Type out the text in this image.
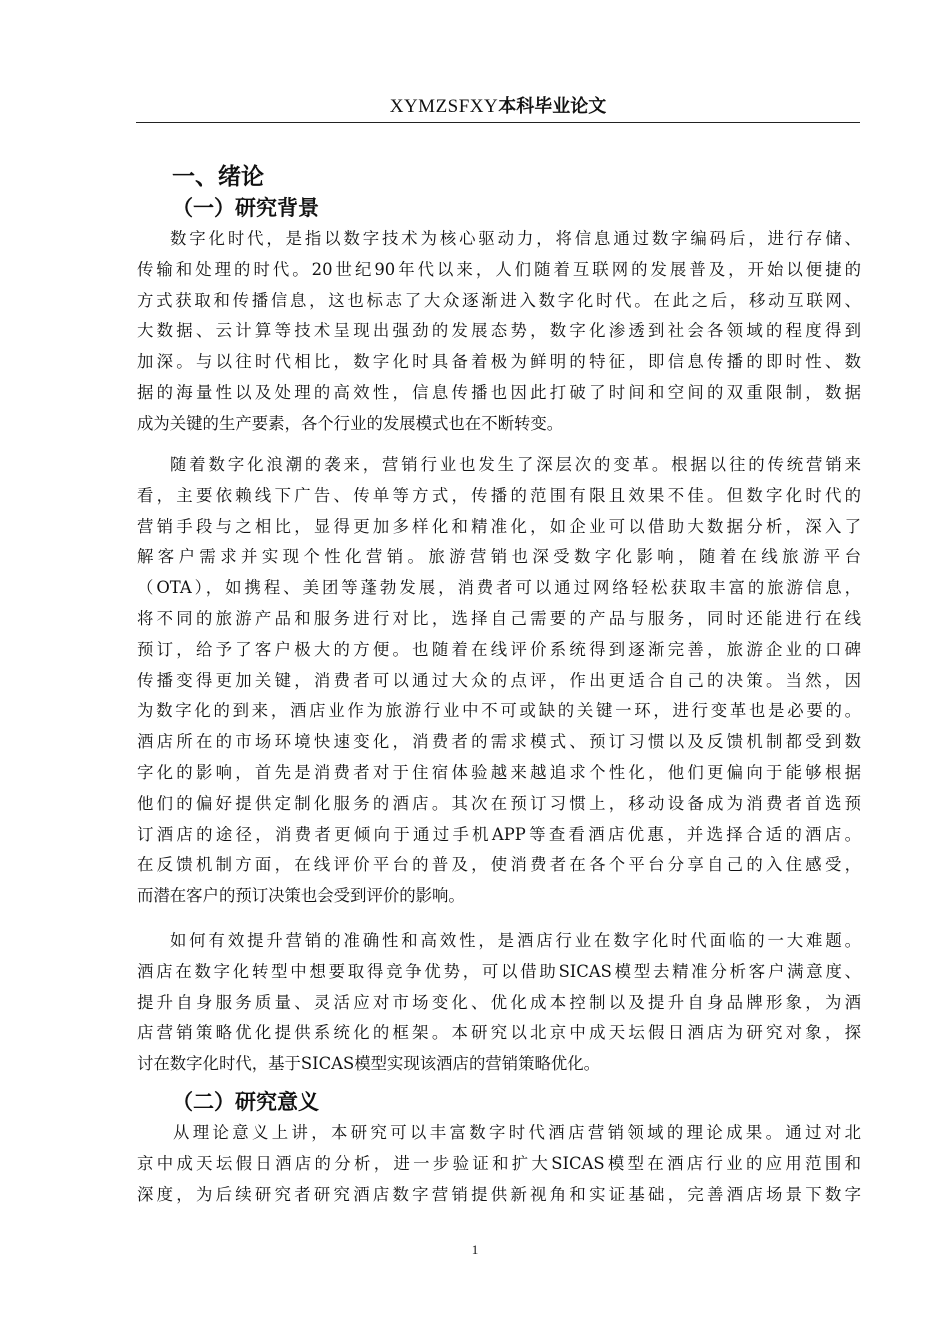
XYMZSFXY本科毕业论文
一、绪论
（一）研究背景
数字化时代，是指以数字技术为核心驱动力，将信息通过数字编码后，进行存储、
传输和处理的时代。20世纪90年代以来，人们随着互联网的发展普及，开始以便捷的
方式获取和传播信息，这也标志了大众逐渐进入数字化时代。在此之后，移动互联网、
大数据、云计算等技术呈现出强劲的发展态势，数字化渗透到社会各领域的程度得到
加深。与以往时代相比，数字化时具备着极为鲜明的特征，即信息传播的即时性、数
据的海量性以及处理的高效性，信息传播也因此打破了时间和空间的双重限制，数据
成为关键的生产要素，各个行业的发展模式也在不断转变。
随着数字化浪潮的袭来，营销行业也发生了深层次的变革。根据以往的传统营销来
看，主要依赖线下广告、传单等方式，传播的范围有限且效果不佳。但数字化时代的
营销手段与之相比，显得更加多样化和精准化，如企业可以借助大数据分析，深入了
解客户需求并实现个性化营销。旅游营销也深受数字化影响，随着在线旅游平台
（OTA），如携程、美团等蓬勃发展，消费者可以通过网络轻松获取丰富的旅游信息，
将不同的旅游产品和服务进行对比，选择自己需要的产品与服务，同时还能进行在线
预订，给予了客户极大的方便。也随着在线评价系统得到逐渐完善，旅游企业的口碑
传播变得更加关键，消费者可以通过大众的点评，作出更适合自己的决策。当然，因
为数字化的到来，酒店业作为旅游行业中不可或缺的关键一环，进行变革也是必要的。
酒店所在的市场环境快速变化，消费者的需求模式、预订习惯以及反馈机制都受到数
字化的影响，首先是消费者对于住宿体验越来越追求个性化，他们更偏向于能够根据
他们的偏好提供定制化服务的酒店。其次在预订习惯上，移动设备成为消费者首选预
订酒店的途径，消费者更倾向于通过手机APP等查看酒店优惠，并选择合适的酒店。
在反馈机制方面，在线评价平台的普及，使消费者在各个平台分享自己的入住感受，
而潜在客户的预订决策也会受到评价的影响。
如何有效提升营销的准确性和高效性，是酒店行业在数字化时代面临的一大难题。
酒店在数字化转型中想要取得竞争优势，可以借助SICAS模型去精准分析客户满意度、
提升自身服务质量、灵活应对市场变化、优化成本控制以及提升自身品牌形象，为酒
店营销策略优化提供系统化的框架。本研究以北京中成天坛假日酒店为研究对象，探
讨在数字化时代，基于SICAS模型实现该酒店的营销策略优化。
（二）研究意义
从理论意义上讲，本研究可以丰富数字时代酒店营销领域的理论成果。通过对北
京中成天坛假日酒店的分析，进一步验证和扩大SICAS模型在酒店行业的应用范围和
深度，为后续研究者研究酒店数字营销提供新视角和实证基础，完善酒店场景下数字
1
